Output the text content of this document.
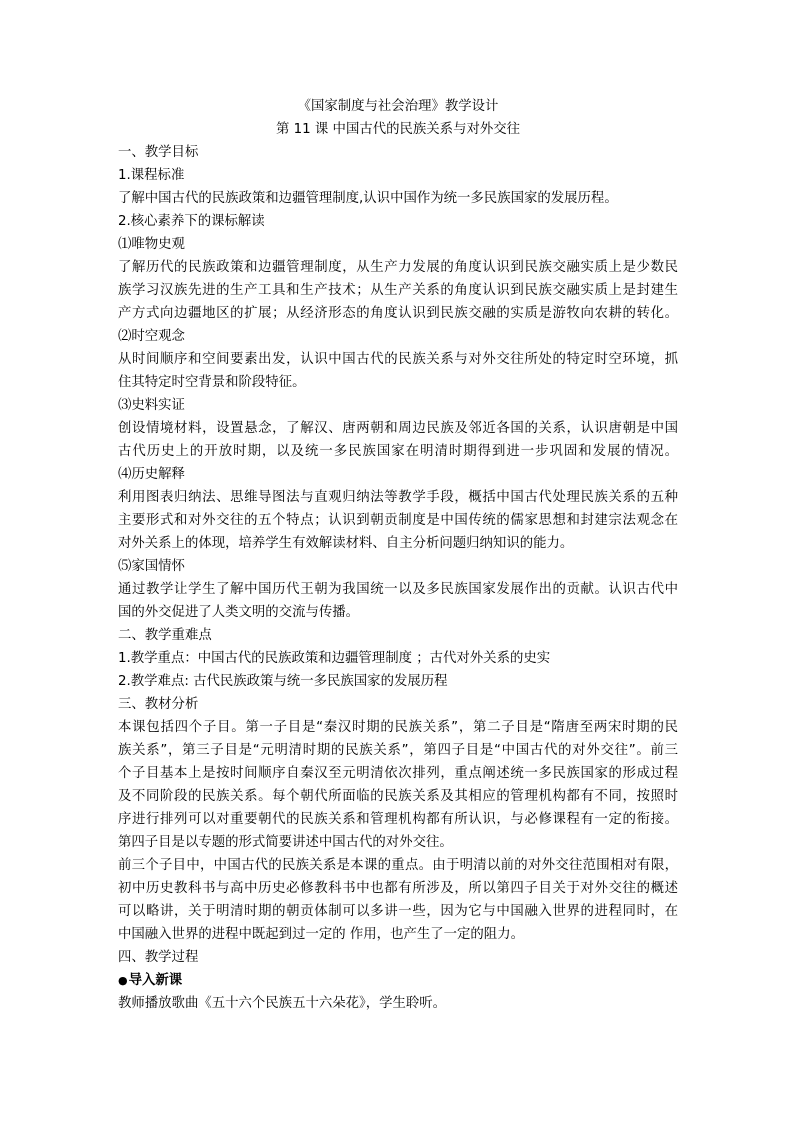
《国家制度与社会治理》教学设计
第 11 课 中国古代的民族关系与对外交往
一、教学目标
1.课程标准
了解中国古代的民族政策和边疆管理制度,认识中国作为统一多民族国家的发展历程。
2.核心素养下的课标解读
⑴唯物史观
了解历代的民族政策和边疆管理制度，从生产力发展的角度认识到民族交融实质上是少数民
族学习汉族先进的生产工具和生产技术；从生产关系的角度认识到民族交融实质上是封建生
产方式向边疆地区的扩展；从经济形态的角度认识到民族交融的实质是游牧向农耕的转化。
⑵时空观念
从时间顺序和空间要素出发，认识中国古代的民族关系与对外交往所处的特定时空环境，抓
住其特定时空背景和阶段特征。
⑶史料实证
创设情境材料，设置悬念，了解汉、唐两朝和周边民族及邻近各国的关系，认识唐朝是中国
古代历史上的开放时期，以及统一多民族国家在明清时期得到进一步巩固和发展的情况。
⑷历史解释
利用图表归纳法、思维导图法与直观归纳法等教学手段，概括中国古代处理民族关系的五种
主要形式和对外交往的五个特点；认识到朝贡制度是中国传统的儒家思想和封建宗法观念在
对外关系上的体现，培养学生有效解读材料、自主分析问题归纳知识的能力。
⑸家国情怀
通过教学让学生了解中国历代王朝为我国统一以及多民族国家发展作出的贡献。认识古代中
国的外交促进了人类文明的交流与传播。
二、教学重难点
1.教学重点：中国古代的民族政策和边疆管理制度 ；古代对外关系的史实
2.教学难点: 古代民族政策与统一多民族国家的发展历程
三、教材分析
本课包括四个子目。第一子目是“秦汉时期的民族关系”，第二子目是“隋唐至两宋时期的民
族关系”，第三子目是“元明清时期的民族关系”，第四子目是“中国古代的对外交往”。前三
个子目基本上是按时间顺序自秦汉至元明清依次排列，重点阐述统一多民族国家的形成过程
及不同阶段的民族关系。每个朝代所面临的民族关系及其相应的管理机构都有不同，按照时
序进行排列可以对重要朝代的民族关系和管理机构都有所认识，与必修课程有一定的衔接。
第四子目是以专题的形式简要讲述中国古代的对外交往。
前三个子目中，中国古代的民族关系是本课的重点。由于明清以前的对外交往范围相对有限，
初中历史教科书与高中历史必修教科书中也都有所涉及，所以第四子目关于对外交往的概述
可以略讲，关于明清时期的朝贡体制可以多讲一些，因为它与中国融入世界的进程同时，在
中国融入世界的进程中既起到过一定的 作用，也产生了一定的阻力。
四、教学过程
●导入新课
教师播放歌曲《五十六个民族五十六朵花》，学生聆听。
